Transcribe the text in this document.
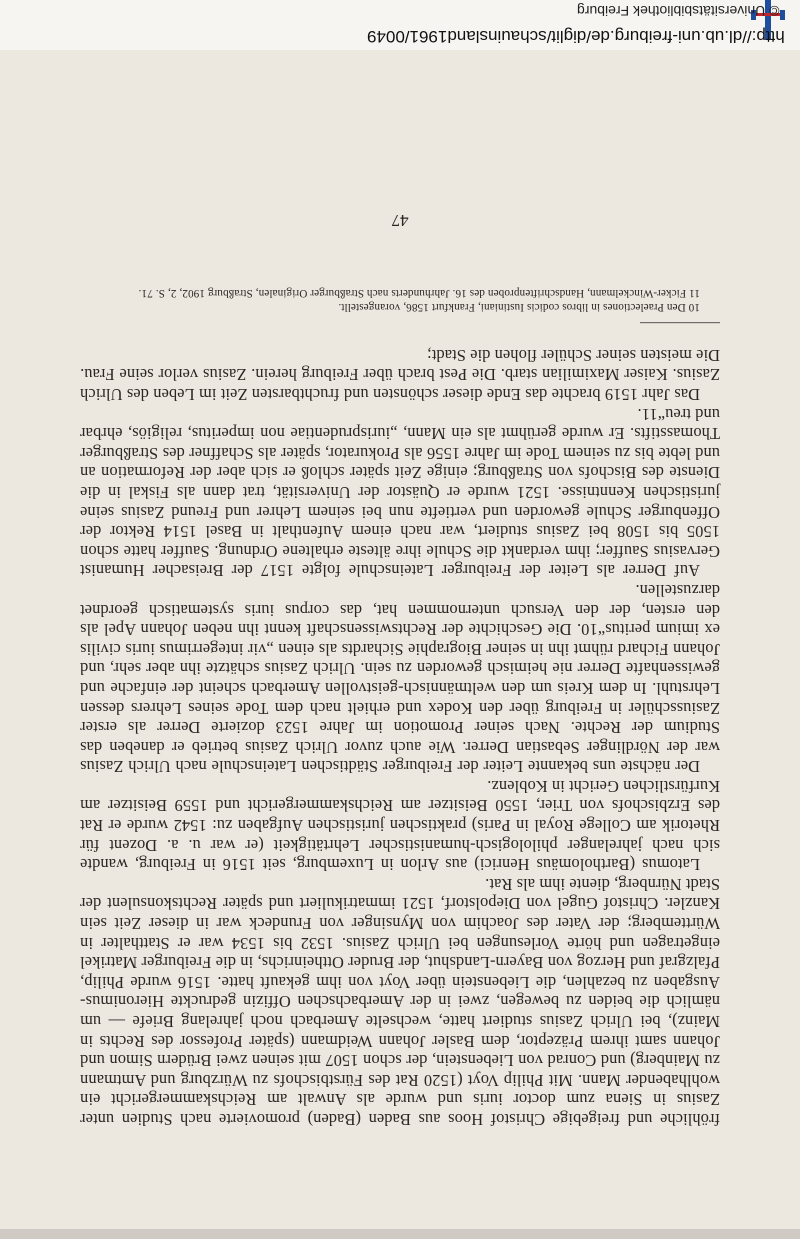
© Universitätsbibliothek Freiburg
http://dl.ub.uni-freiburg.de/diglit/schauinsland1961/0049

fröhliche und freigebige Christof Hoos aus Baden (Baden) promovierte nach Studien unter Zasius in Siena zum doctor iuris und wurde als Anwalt am Reichskammergericht ein wohlhabender Mann. Mit Philip Voyt (1520 Rat des Fürstbischofs zu Würzburg und Amtmann zu Mainberg) und Conrad von Liebenstein, der schon 1507 mit seinen zwei Brüdern Simon und Johann samt ihrem Präzeptor, dem Basler Johann Weidmann (später Professor des Rechts in Mainz), bei Ulrich Zasius studiert hatte, wechselte Amerbach noch jahrelang Briefe — um nämlich die beiden zu bewegen, zwei in der Amerbachschen Offizin gedruckte Hieronimus-Ausgaben zu bezahlen, die Liebenstein über Voyt von ihm gekauft hatte. 1516 wurde Philip, Pfalzgraf und Herzog von Bayern-Landshut, der Bruder Ottheinrichs, in die Freiburger Matrikel eingetragen und hörte Vorlesungen bei Ulrich Zasius. 1532 bis 1534 war er Statthalter in Württemberg; der Vater des Joachim von Mynsinger von Frundeck war in dieser Zeit sein Kanzler. Christof Gugel von Diepolstorf, 1521 immatrikuliert und später Rechtskonsulent der Stadt Nürnberg, diente ihm als Rat.

Latomus (Bartholomäus Henrici) aus Arlon in Luxemburg, seit 1516 in Freiburg, wandte sich nach jahrelanger philologisch-humanistischer Lehrtätigkeit (er war u. a. Dozent für Rhetorik am College Royal in Paris) praktischen juristischen Aufgaben zu: 1542 wurde er Rat des Erzbischofs von Trier, 1550 Beisitzer am Reichskammergericht und 1559 Beisitzer am Kurfürstlichen Gericht in Koblenz.

Der nächste uns bekannte Leiter der Freiburger Städtischen Lateinschule nach Ulrich Zasius war der Nördlinger Sebastian Derrer. Wie auch zuvor Ulrich Zasius betrieb er daneben das Studium der Rechte. Nach seiner Promotion im Jahre 1523 dozierte Derrer als erster Zasiusschüler in Freiburg über den Kodex und erhielt nach dem Tode seines Lehrers dessen Lehrstuhl. In dem Kreis um den weltmännisch-geistvollen Amerbach scheint der einfache und gewissenhafte Derrer nie heimisch geworden zu sein. Ulrich Zasius schätzte ihn aber sehr, und Johann Fichard rühmt ihn in seiner Biographie Sichardts als einen „vir integerrimus iuris civilis ex imium peritus“10. Die Geschichte der Rechtswissenschaft kennt ihn neben Johann Apel als den ersten, der den Versuch unternommen hat, das corpus iuris systematisch geordnet darzustellen.

Auf Derrer als Leiter der Freiburger Lateinschule folgte 1517 der Breisacher Humanist Gervasius Sauffer; ihm verdankt die Schule ihre älteste erhaltene Ordnung. Sauffer hatte schon 1505 bis 1508 bei Zasius studiert, war nach einem Aufenthalt in Basel 1514 Rektor der Offenburger Schule geworden und vertiefte nun bei seinem Lehrer und Freund Zasius seine juristischen Kenntnisse. 1521 wurde er Quästor der Universität, trat dann als Fiskal in die Dienste des Bischofs von Straßburg; einige Zeit später schloß er sich aber der Reformation an und lebte bis zu seinem Tode im Jahre 1556 als Prokurator, später als Schaffner des Straßburger Thomasstifts. Er wurde gerühmt als ein Mann, „iurisprudentiae non imperitus, religiös, ehrbar und treu“11.

Das Jahr 1519 brachte das Ende dieser schönsten und fruchtbarsten Zeit im Leben des Ulrich Zasius. Kaiser Maximilian starb. Die Pest brach über Freiburg herein. Zasius verlor seine Frau. Die meisten seiner Schüler flohen die Stadt;

10 Den Praelectiones in libros codicis Iustiniani, Frankfurt 1586, vorangestellt.

11 Ficker-Winckelmann, Handschriftenproben des 16. Jahrhunderts nach Straßburger Originalen, Straßburg 1902, 2, S. 71.

47
